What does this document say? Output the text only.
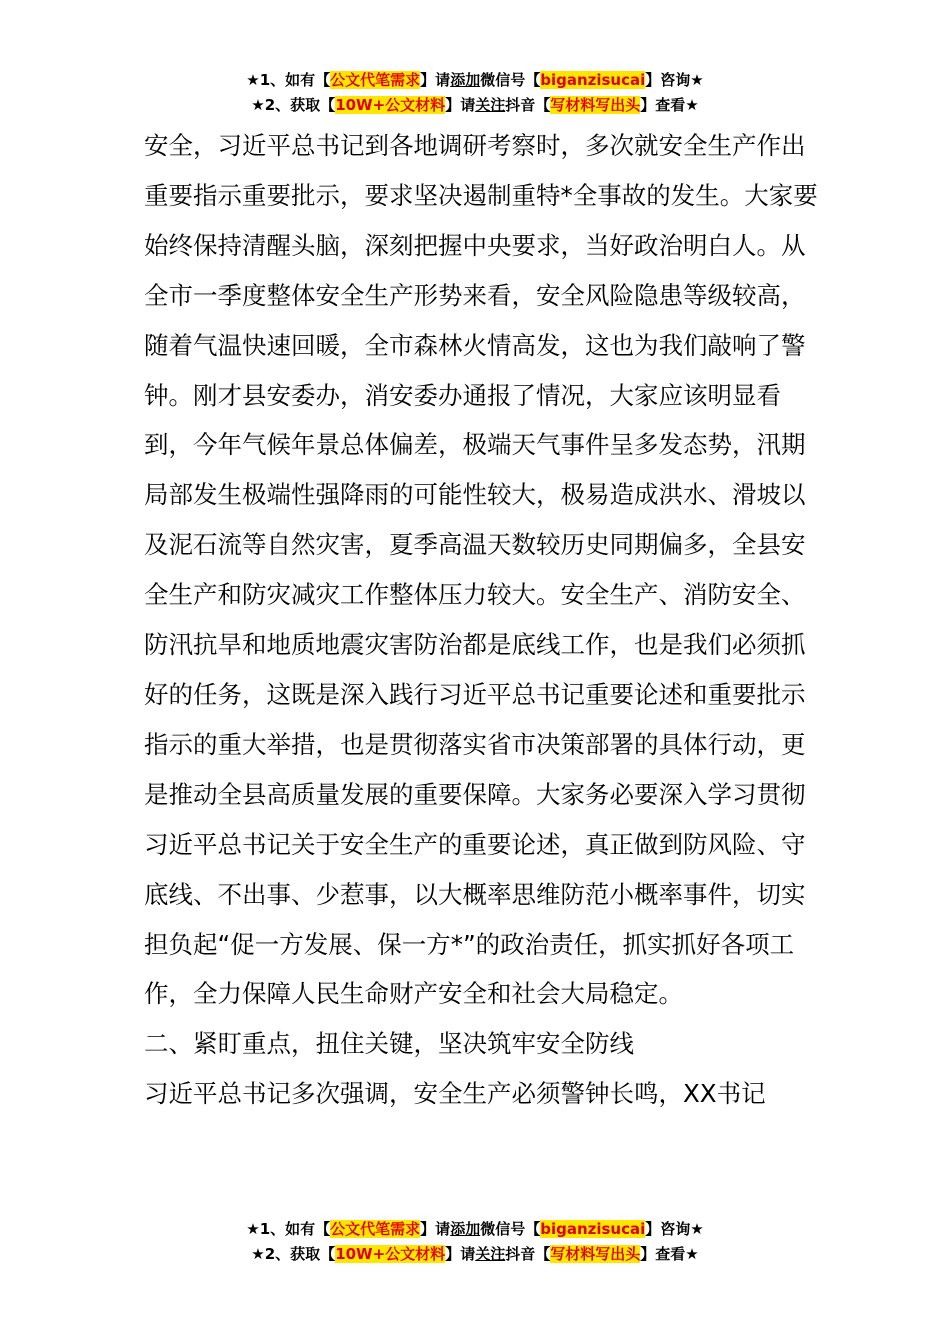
★1、如有【公文代笔需求】请添加微信号【biganzisucai】咨询★
★2、获取【10W+公文材料】请关注抖音【写材料写出头】查看★

安全，习近平总书记到各地调研考察时，多次就安全生产作出重要指示重要批示，要求坚决遏制重特*全事故的发生。大家要始终保持清醒头脑，深刻把握中央要求，当好政治明白人。从全市一季度整体安全生产形势来看，安全风险隐患等级较高，随着气温快速回暖，全市森林火情高发，这也为我们敲响了警钟。刚才县安委办，消安委办通报了情况，大家应该明显看到，今年气候年景总体偏差，极端天气事件呈多发态势，汛期局部发生极端性强降雨的可能性较大，极易造成洪水、滑坡以及泥石流等自然灾害，夏季高温天数较历史同期偏多，全县安全生产和防灾减灾工作整体压力较大。安全生产、消防安全、防汛抗旱和地质地震灾害防治都是底线工作，也是我们必须抓好的任务，这既是深入践行习近平总书记重要论述和重要批示指示的重大举措，也是贯彻落实省市决策部署的具体行动，更是推动全县高质量发展的重要保障。大家务必要深入学习贯彻习近平总书记关于安全生产的重要论述，真正做到防风险、守底线、不出事、少惹事，以大概率思维防范小概率事件，切实担负起“促一方发展、保一方*”的政治责任，抓实抓好各项工作，全力保障人民生命财产安全和社会大局稳定。

二、紧盯重点，扭住关键，坚决筑牢安全防线

习近平总书记多次强调，安全生产必须警钟长鸣，XX书记

★1、如有【公文代笔需求】请添加微信号【biganzisucai】咨询★
★2、获取【10W+公文材料】请关注抖音【写材料写出头】查看★
